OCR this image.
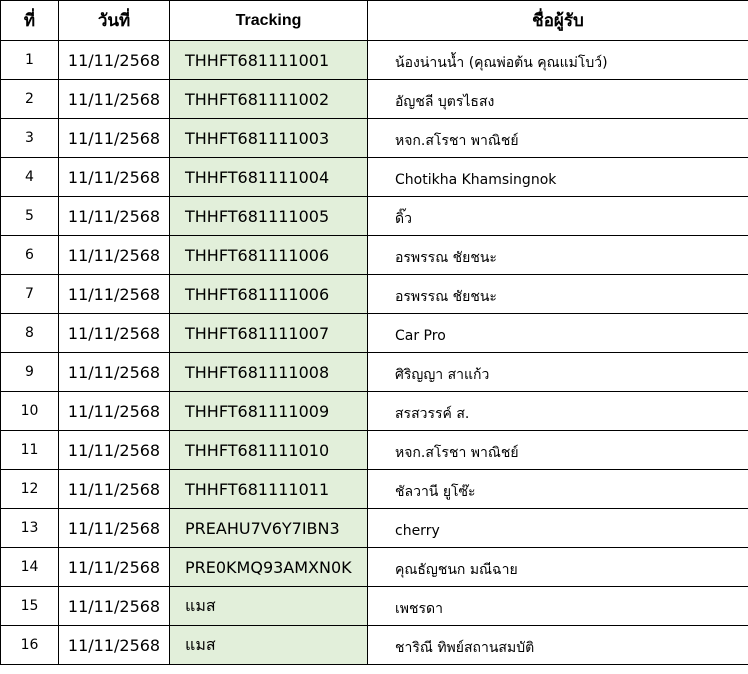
ที่	วันที่	Tracking	ชื่อผู้รับ
1	11/11/2568	THHFT681111001	น้องน่านน้ำ (คุณพ่อต้น คุณแม่โบว์)
2	11/11/2568	THHFT681111002	อัญชลี บุตรไธสง
3	11/11/2568	THHFT681111003	หจก.สโรชา พาณิชย์
4	11/11/2568	THHFT681111004	Chotikha Khamsingnok
5	11/11/2568	THHFT681111005	ดิ๊ว
6	11/11/2568	THHFT681111006	อรพรรณ ชัยชนะ
7	11/11/2568	THHFT681111006	อรพรรณ ชัยชนะ
8	11/11/2568	THHFT681111007	Car Pro
9	11/11/2568	THHFT681111008	ศิริญญา สาแก้ว
10	11/11/2568	THHFT681111009	สรสวรรค์ ส.
11	11/11/2568	THHFT681111010	หจก.สโรชา พาณิชย์
12	11/11/2568	THHFT681111011	ชัลวานี ยูโซ๊ะ
13	11/11/2568	PREAHU7V6Y7IBN3	cherry
14	11/11/2568	PRE0KMQ93AMXN0K	คุณธัญชนก มณีฉาย
15	11/11/2568	แมส	เพชรดา
16	11/11/2568	แมส	ชาริณี ทิพย์สถานสมบัติ
